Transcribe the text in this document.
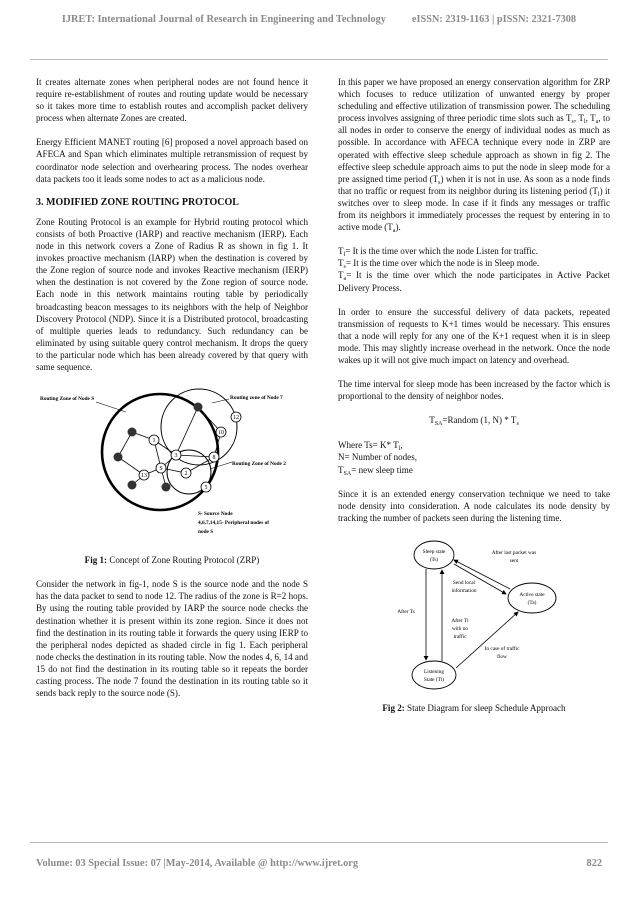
IJRET: International Journal of Research in Engineering and Technology	eISSN: 2319-1163 | pISSN: 2321-7308

It creates alternate zones when peripheral nodes are not found hence it require re-establishment of routes and routing update would be necessary so it takes more time to establish routes and accomplish packet delivery process when alternate Zones are created.

Energy Efficient MANET routing [6] proposed a novel approach based on AFECA and Span which eliminates multiple retransmission of request by coordinator node selection and overhearing process. The nodes overhear data packets too it leads some nodes to act as a malicious node.

3. MODIFIED ZONE ROUTING PROTOCOL

Zone Routing Protocol is an example for Hybrid routing protocol which consists of both Proactive (IARP) and reactive mechanism (IERP). Each node in this network covers a Zone of Radius R as shown in fig 1. It invokes proactive mechanism (IARP) when the destination is covered by the Zone region of source node and invokes Reactive mechanism (IERP) when the destination is not covered by the Zone region of source node. Each node in this network maintains routing table by periodically broadcasting beacon messages to its neighbors with the help of Neighbor Discovery Protocol (NDP). Since it is a Distributed protocol, broadcasting of multiple queries leads to redundancy. Such redundancy can be eliminated by using suitable query control mechanism. It drops the query to the particular node which has been already covered by that query with same sequence.

1
S
3
13	2
10
8
12
5
Routing Zone of Node S	Routing zone of Node 7
Routing Zone of Node 2
S- Source Node
4,6,7,14,15- Peripheral nodes of
node S

Fig 1: Concept of Zone Routing Protocol (ZRP)

Consider the network in fig-1, node S is the source node and the node S has the data packet to send to node 12. The radius of the zone is R=2 hops. By using the routing table provided by IARP the source node checks the destination whether it is present within its zone region. Since it does not find the destination in its routing table it forwards the query using IERP to the peripheral nodes depicted as shaded circle in fig 1. Each peripheral node checks the destination in its routing table. Now the nodes 4, 6, 14 and 15 do not find the destination in its routing table so it repeats the border casting process. The node 7 found the destination in its routing table so it sends back reply to the source node (S).

In this paper we have proposed an energy conservation algorithm for ZRP which focuses to reduce utilization of unwanted energy by proper scheduling and effective utilization of transmission power. The scheduling process involves assigning of three periodic time slots such as $T_s$, $T_l$, $T_a$, to all nodes in order to conserve the energy of individual nodes as much as possible. In accordance with AFECA technique every node in ZRP are operated with effective sleep schedule approach as shown in fig 2. The effective sleep schedule approach aims to put the node in sleep mode for a pre assigned time period $(T_s)$ when it is not in use. As soon as a node finds that no traffic or request from its neighbor during its listening period $(T_l)$ it switches over to sleep mode. In case if it finds any messages or traffic from its neighbors it immediately processes the request by entering in to active mode $(T_a)$.

$T_l= It$ is the time over which the node Listen for traffic.

$T_s= It$ is the time over which the node is in Sleep mode.

$T_a= It$ is the time over which the node participates in Active Packet Delivery Process.

In order to ensure the successful delivery of data packets, repeated transmission of requests to K+1 times would be necessary. This ensures that a node will reply for any one of the K+1 request when it is in sleep mode. This may slightly increase overhead in the network. Once the node wakes up it will not give much impact on latency and overhead.

The time interval for sleep mode has been increased by the factor which is proportional to the density of neighbor nodes.

$T_{SA}=Random$ (1, $N) * T_s$

Where Ts= K* $T_l$,

N= Number of nodes,

$T_{SA}=$ new sleep time

Since it is an extended energy conservation technique we need to take node density into consideration. A node calculates its node density by tracking the number of packets seen during the listening time.

Sleep state
(Ts)
Active state
(Ta)
Listening
State (Tl)
After last packet was
sent
Send local
information
After Ts
After Tl
with no
traffic
In case of traffic
flow

Fig 2: State Diagram for sleep Schedule Approach

Volume: 03 Special Issue: 07 |May-2014, Available @ http://www.ijret.org	822
